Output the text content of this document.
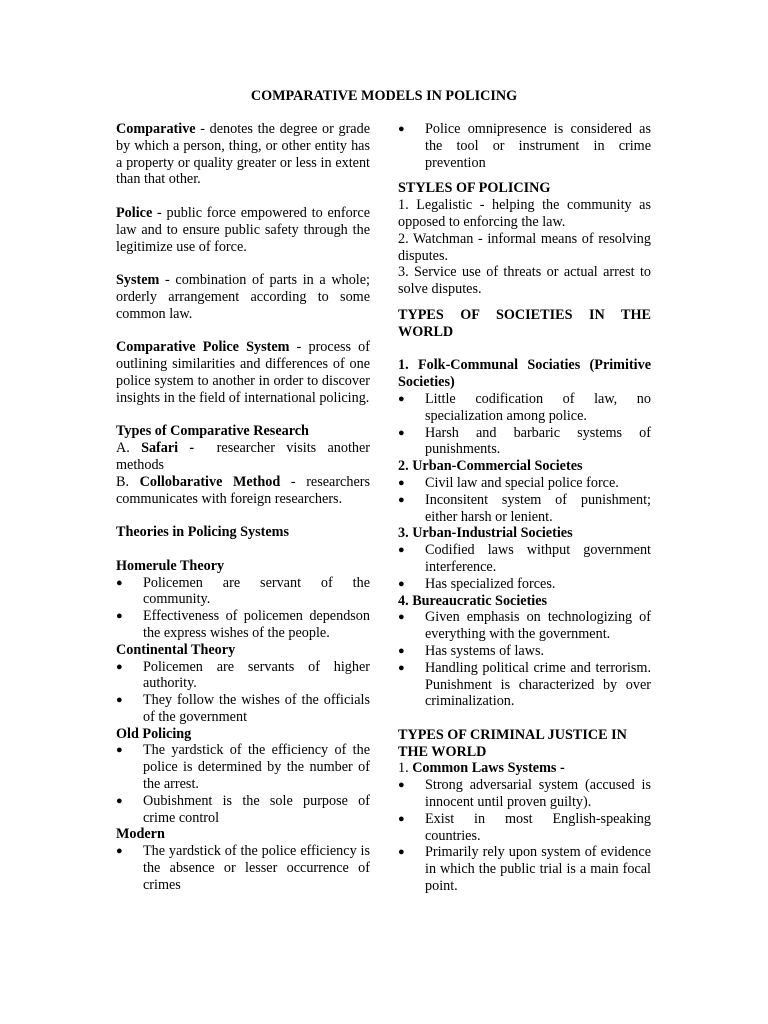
COMPARATIVE MODELS IN POLICING

Comparative - denotes the degree or grade by which a person, thing, or other entity has a property or quality greater or less in extent than that other.

Police - public force empowered to enforce law and to ensure public safety through the legitimize use of force.

System - combination of parts in a whole; orderly arrangement according to some common law.

Comparative Police System - process of outlining similarities and differences of one police system to another in order to discover insights in the field of international policing.

Types of Comparative Research

A. Safari -  researcher visits another methods

B. Collobarative Method - researchers communicates with foreign researchers.

Theories in Policing Systems

Homerule Theory

●	Policemen are servant of the community.

●	Effectiveness of policemen dependson the express wishes of the people.

Continental Theory

●	Policemen are servants of higher authority.

●	They follow the wishes of the officials of the government

Old Policing

●	The yardstick of the efficiency of the police is determined by the number of the arrest.

●	Oubishment is the sole purpose of crime control

Modern

●	The yardstick of the police efficiency is the absence or lesser occurrence of crimes

●	Police omnipresence is considered as the tool or instrument in crime prevention

STYLES OF POLICING

1. Legalistic - helping the community as opposed to enforcing the law.

2. Watchman - informal means of resolving disputes.

3. Service use of threats or actual arrest to solve disputes.

TYPES OF SOCIETIES IN THE WORLD

1. Folk-Communal Sociaties (Primitive Societies)

●	Little codification of law, no specialization among police.

●	Harsh and barbaric systems of punishments.

2. Urban-Commercial Societes

●	Civil law and special police force.

●	Inconsitent system of punishment; either harsh or lenient.

3. Urban-Industrial Societies

●	Codified laws withput government interference.

●	Has specialized forces.

4. Bureaucratic Societies

●	Given emphasis on technologizing of everything with the government.

●	Has systems of laws.

●	Handling political crime and terrorism. Punishment is characterized by over criminalization.

TYPES OF CRIMINAL JUSTICE IN THE WORLD

1. Common Laws Systems -

●	Strong adversarial system (accused is innocent until proven guilty).

●	Exist in most English-speaking countries.

●	Primarily rely upon system of evidence in which the public trial is a main focal point.
